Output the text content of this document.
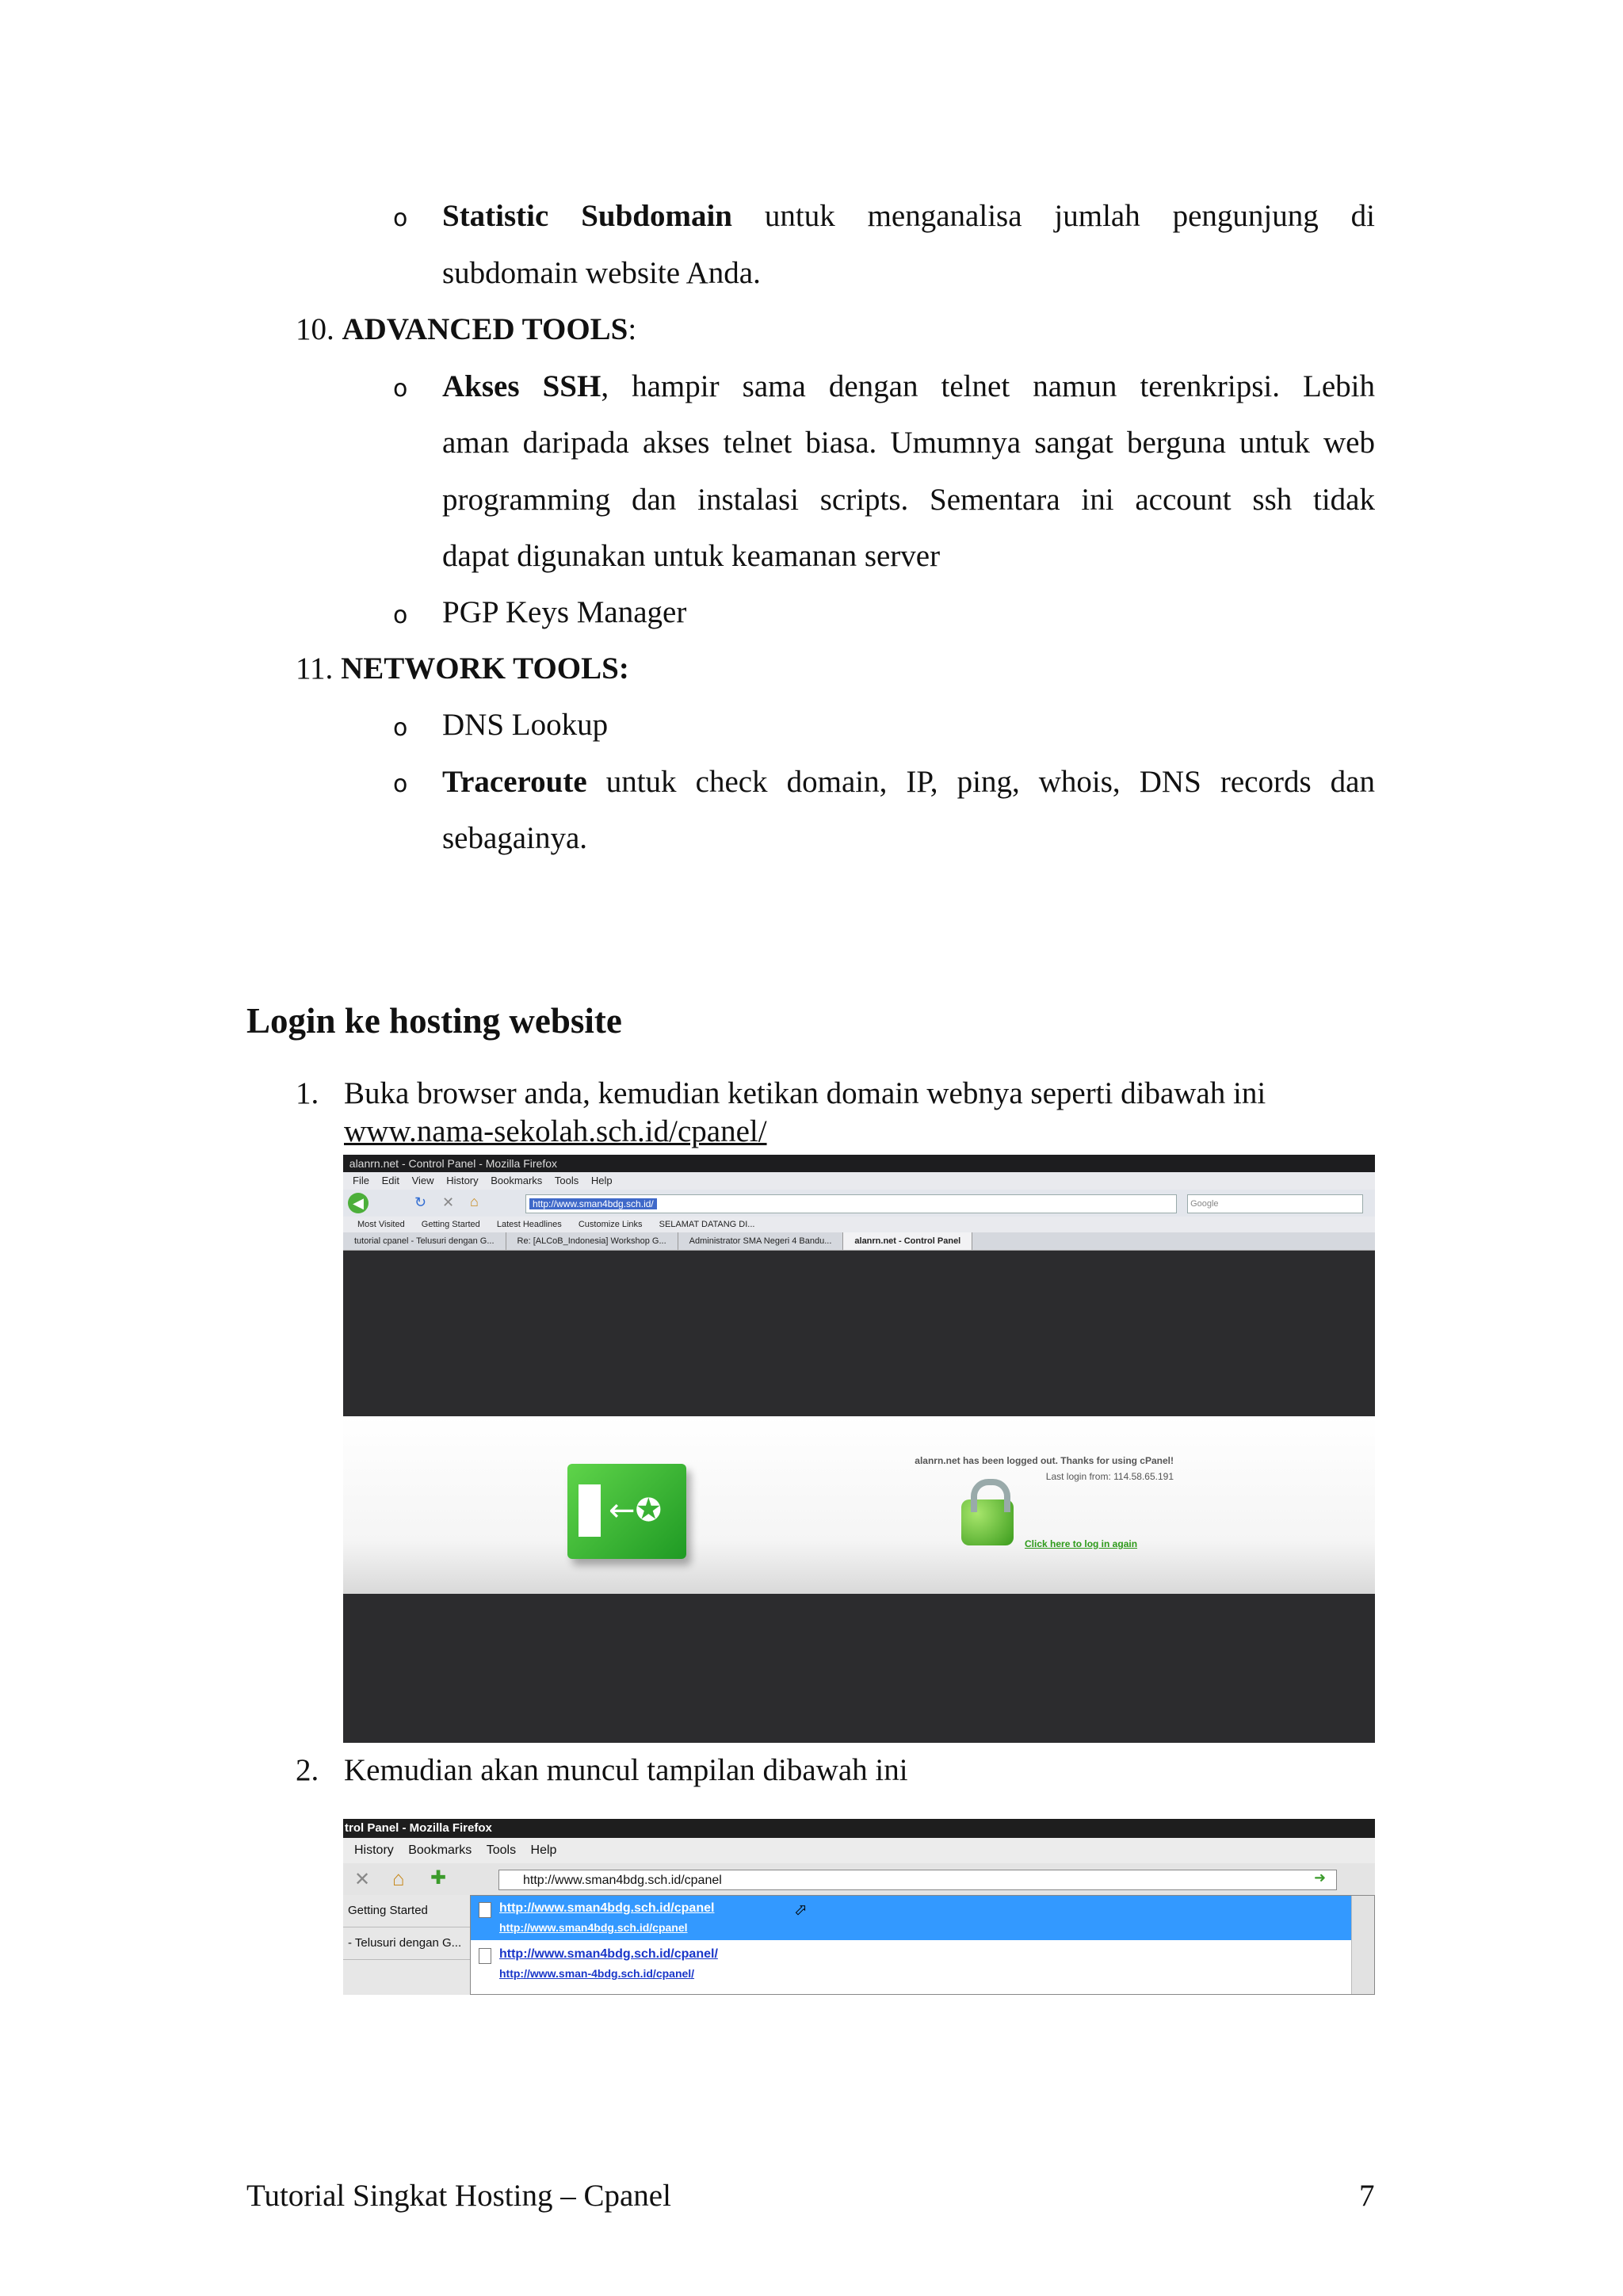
o Statistic Subdomain untuk menganalisa jumlah pengunjung di
subdomain website Anda.
10. ADVANCED TOOLS:
o Akses SSH, hampir sama dengan telnet namun terenkripsi. Lebih
aman daripada akses telnet biasa. Umumnya sangat berguna untuk web
programming dan instalasi scripts. Sementara ini account ssh tidak
dapat digunakan untuk keamanan server
o PGP Keys Manager
11. NETWORK TOOLS:
o DNS Lookup
o Traceroute untuk check domain, IP, ping, whois, DNS records dan
sebagainya.
Login ke hosting website
1. Buka browser anda, kemudian ketikan domain webnya seperti dibawah ini
www.nama-sekolah.sch.id/cpanel/
alanrn.net - Control Panel - Mozilla Firefox
File Edit View History Bookmarks Tools Help
◀	↻ ✕ ⌂	http://www.sman4bdg.sch.id/	Google
Most Visited Getting Started Latest Headlines Customize Links SELAMAT DATANG DI...
tutorial cpanel - Telusuri dengan G...	Re: [ALCoB_Indonesia] Workshop G...	Administrator SMA Negeri 4 Bandu...	alanrn.net - Control Panel
←✪
alanrn.net has been logged out. Thanks for using cPanel!
Last login from: 114.58.65.191
Click here to log in again
2. Kemudian akan muncul tampilan dibawah ini
trol Panel - Mozilla Firefox
History Bookmarks Tools Help
✕ ⌂ ✚	http://www.sman4bdg.sch.id/cpanel	➜
Getting Started
- Telusuri dengan G...
http://www.sman4bdg.sch.id/cpanel
http://www.sman4bdg.sch.id/cpanel
⬀
http://www.sman4bdg.sch.id/cpanel/
http://www.sman-4bdg.sch.id/cpanel/
Tutorial Singkat Hosting – Cpanel	7
